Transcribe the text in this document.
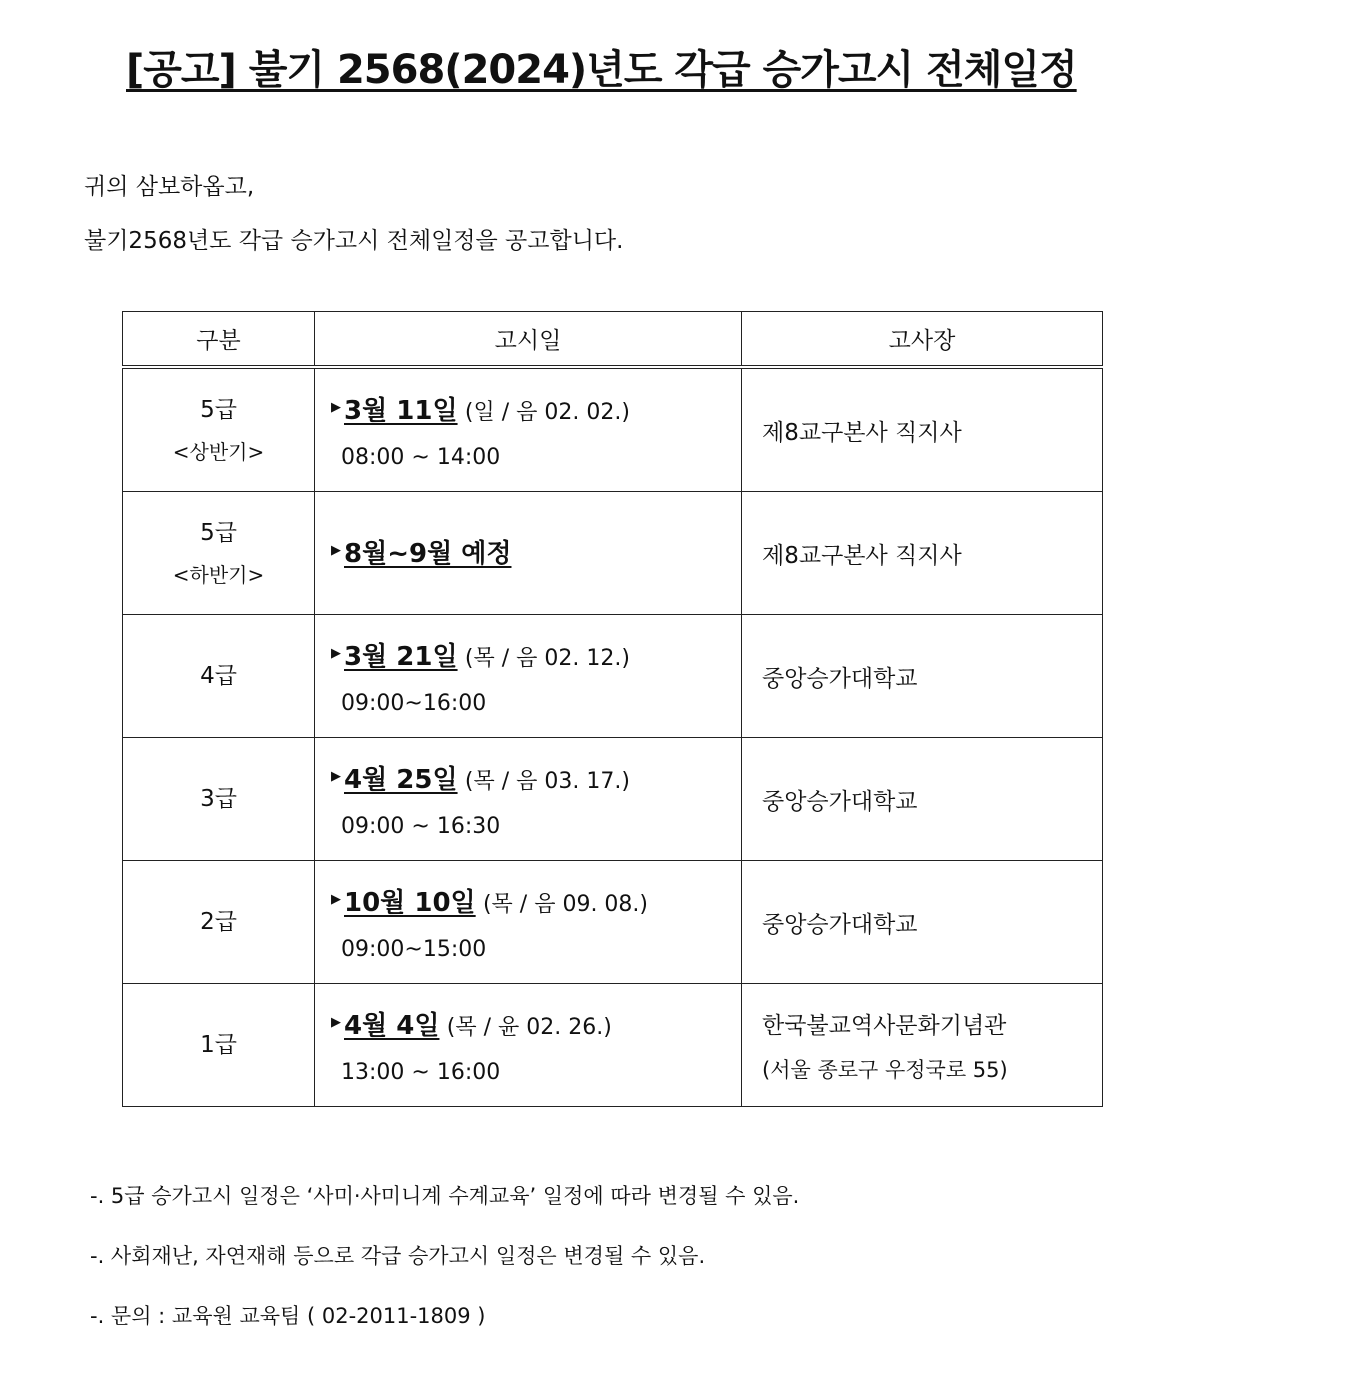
[공고] 불기 2568(2024)년도 각급 승가고시 전체일정
귀의 삼보하옵고,
불기2568년도 각급 승가고시 전체일정을 공고합니다.
구분	고시일	고사장

5급
<상반기>	▶ 3월 11일 (일 / 음 02. 02.)
08:00 ~ 14:00	제8교구본사 직지사

5급
<하반기>	▶ 8월~9월 예정	제8교구본사 직지사

4급	▶ 3월 21일 (목 / 음 02. 12.)
09:00~16:00	중앙승가대학교

3급	▶ 4월 25일 (목 / 음 03. 17.)
09:00 ~ 16:30	중앙승가대학교

2급	▶ 10월 10일 (목 / 음 09. 08.)
09:00~15:00	중앙승가대학교

1급	▶ 4월 4일 (목 / 윤 02. 26.)
13:00 ~ 16:00	한국불교역사문화기념관
(서울 종로구 우정국로 55)
-. 5급 승가고시 일정은 ‘사미·사미니계 수계교육’ 일정에 따라 변경될 수 있음.
-. 사회재난, 자연재해 등으로 각급 승가고시 일정은 변경될 수 있음.
-. 문의 : 교육원 교육팀 ( 02-2011-1809 )
